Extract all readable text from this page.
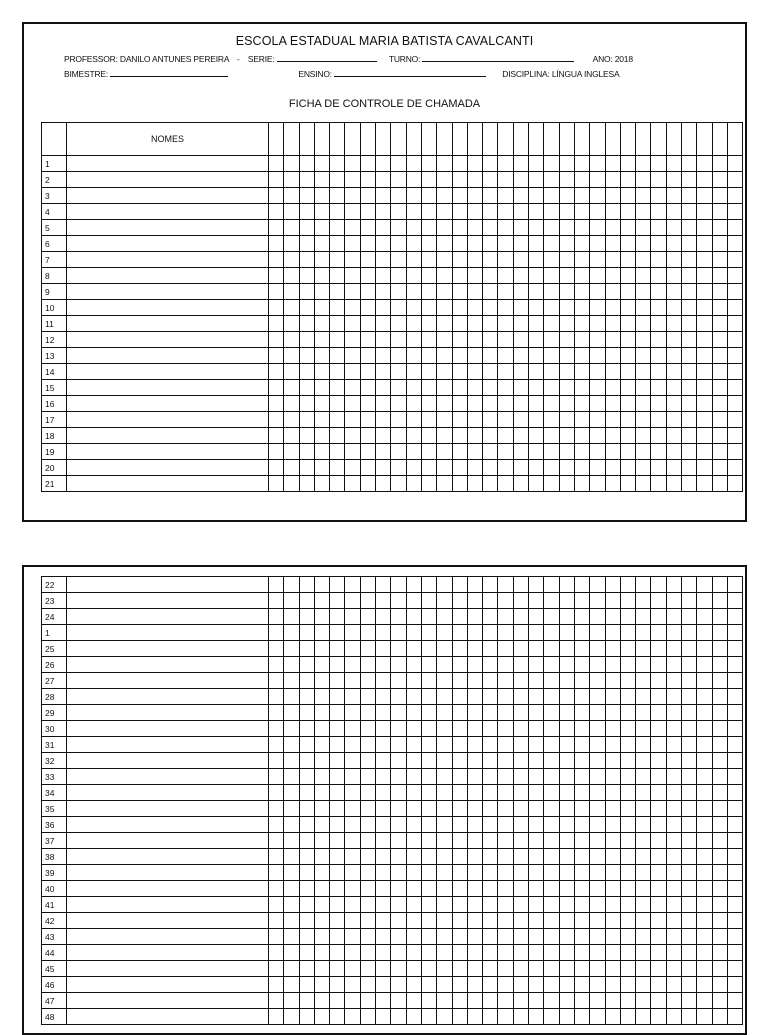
ESCOLA ESTADUAL MARIA BATISTA CAVALCANTI
PROFESSOR: DANILO ANTUNES PEREIRA - SERIE:	TURNO:	ANO: 2018
BIMESTRE:	ENSINO:	DISCIPLINA: LÍNGUA INGLESA
FICHA DE CONTROLE DE CHAMADA
	NOMES																															
1																																
2																																
3																																
4																																
5																																
6																																
7																																
8																																
9																																
10																																
11																																
12																																
13																																
14																																
15																																
16																																
17																																
18																																
19																																
20																																
21																																
22																																
23																																
24																																
1																																
25																																
26																																
27																																
28																																
29																																
30																																
31																																
32																																
33																																
34																																
35																																
36																																
37																																
38																																
39																																
40																																
41																																
42																																
43																																
44																																
45																																
46																																
47																																
48																																
